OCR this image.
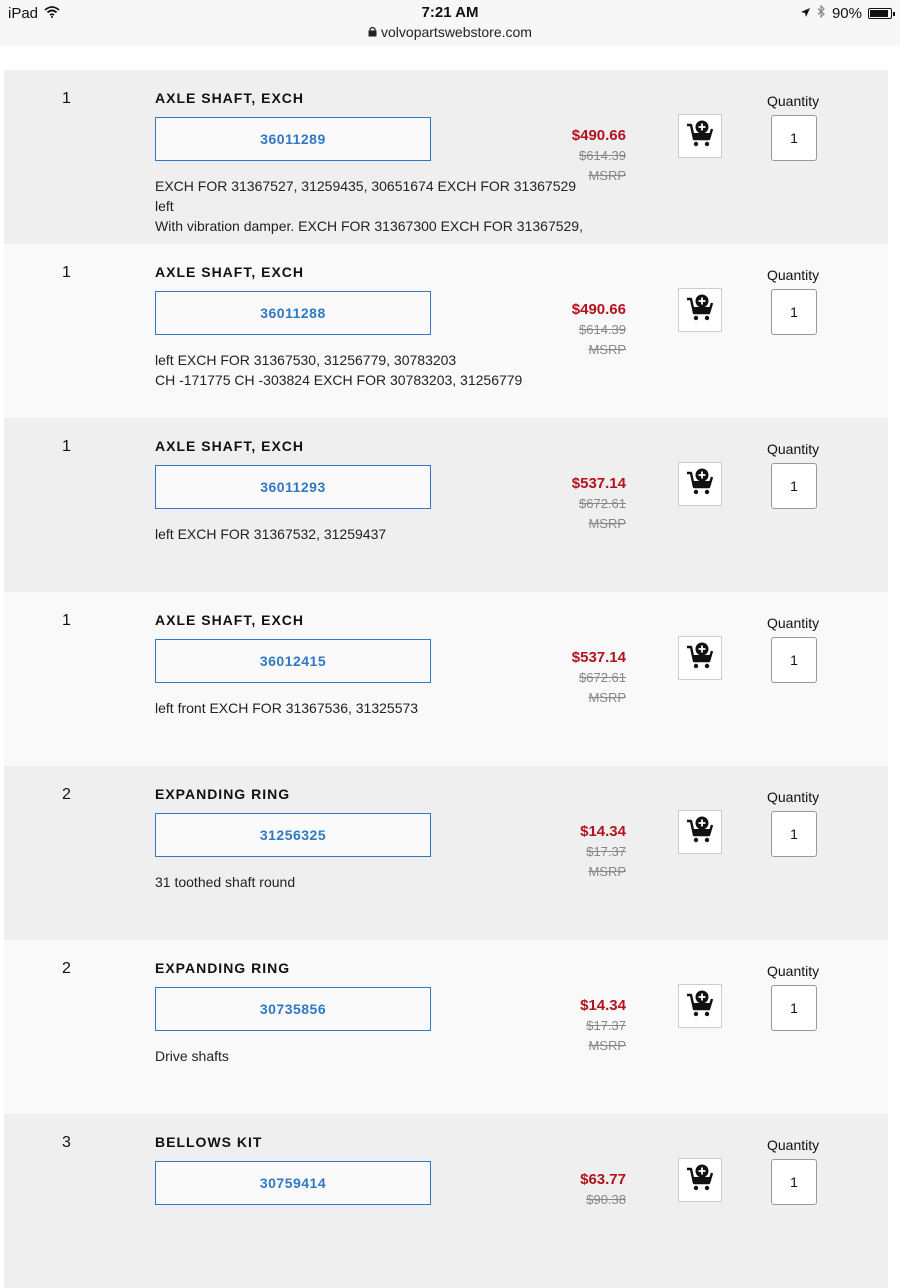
iPad	7:21 AM
volvopartswebstore.com
90%
1	AXLE SHAFT, EXCH
36011289
EXCH FOR 31367527, 31259435, 30651674 EXCH FOR 31367529
left
With vibration damper. EXCH FOR 31367300 EXCH FOR 31367529,
$490.66
$614.39
MSRP
Quantity
1
1	AXLE SHAFT, EXCH
36011288
left EXCH FOR 31367530, 31256779, 30783203
CH -171775 CH -303824 EXCH FOR 30783203, 31256779
$490.66
$614.39
MSRP
Quantity
1
1	AXLE SHAFT, EXCH
36011293
left EXCH FOR 31367532, 31259437
$537.14
$672.61
MSRP
Quantity
1
1	AXLE SHAFT, EXCH
36012415
left front EXCH FOR 31367536, 31325573
$537.14
$672.61
MSRP
Quantity
1
2	EXPANDING RING
31256325
31 toothed shaft round
$14.34
$17.37
MSRP
Quantity
1
2	EXPANDING RING
30735856
Drive shafts
$14.34
$17.37
MSRP
Quantity
1
3	BELLOWS KIT
30759414	$63.77
$90.38
Quantity
1
